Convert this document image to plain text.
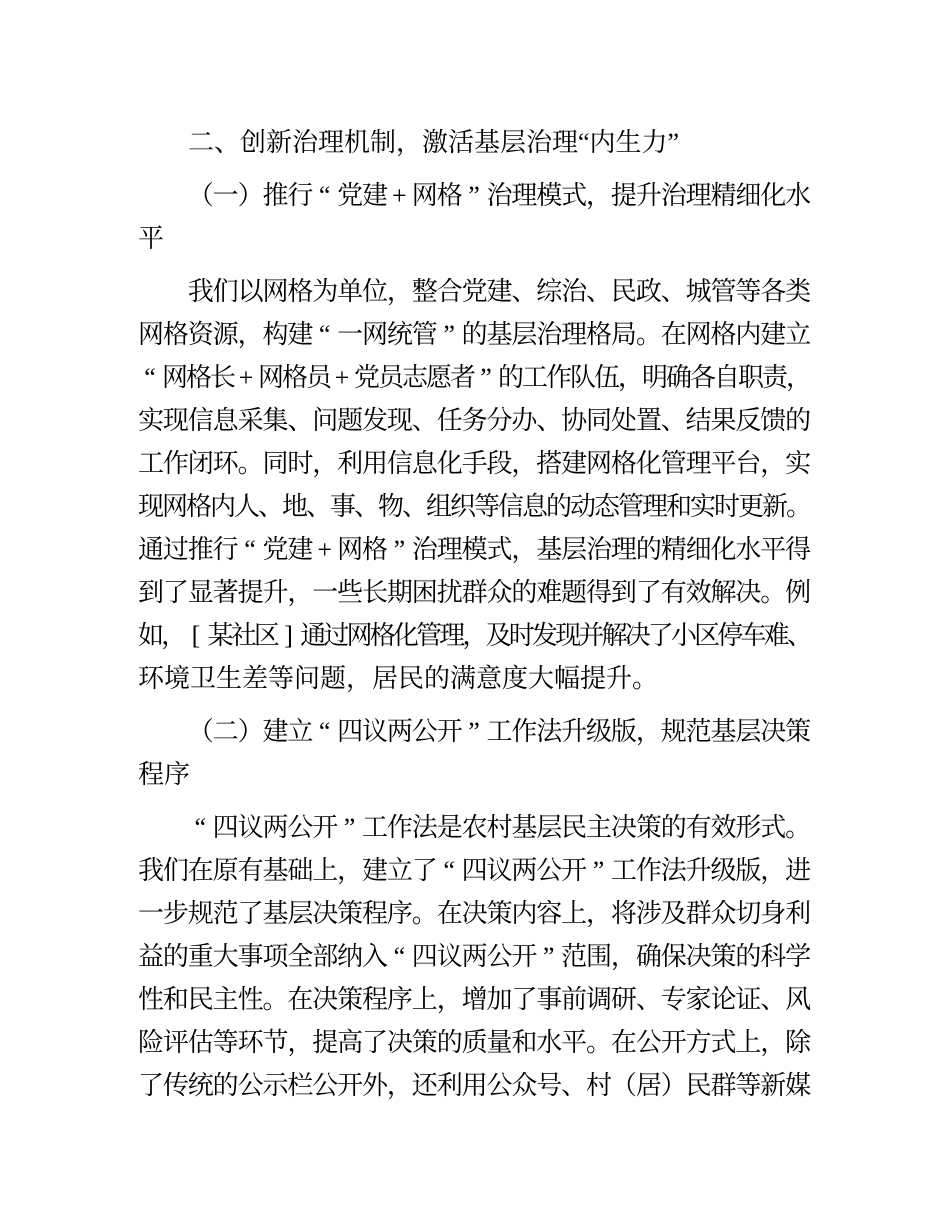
二、创新治理机制，激活基层治理“内生力”
（
一
）
推
行 “ 党
建 + 网
格 ” 治
理
模
式
，
提
升
治
理
精
细
化
水
平
我
们
以
网
格
为
单
位
，
整
合
党
建
、
综
治
、
民
政
、
城
管
等
各
类
网
格
资
源
，
构
建 “ 一
网
统
管 ” 的
基
层
治
理
格
局
。
在
网
格
内
建
立
“ 网
格
长 + 网
格
员 + 党
员
志
愿
者 ” 的
工
作
队
伍
，
明
确
各
自
职
责
，
实
现
信
息
采
集
、
问
题
发
现
、
任
务
分
办
、
协
同
处
置
、
结
果
反
馈
的
工
作
闭
环
。
同
时
，
利
用
信
息
化
手
段
，
搭
建
网
格
化
管
理
平
台
，
实
现
网
格
内
人
、
地
、
事
、
物
、
组
织
等
信
息
的
动
态
管
理
和
实
时
更
新
。
通
过
推
行 “ 党
建 + 网
格 ” 治
理
模
式
，
基
层
治
理
的
精
细
化
水
平
得
到
了
显
著
提
升
，
一
些
长
期
困
扰
群
众
的
难
题
得
到
了
有
效
解
决
。
例
如
， [ 某
社
区 ] 通
过
网
格
化
管
理
，
及
时
发
现
并
解
决
了
小
区
停
车
难
、
环境卫生差等问题，居民的满意度大幅提升。
（
二
）
建
立 “ 四
议
两
公
开 ” 工
作
法
升
级
版
，
规
范
基
层
决
策
程序
“ 四
议
两
公
开 ” 工
作
法
是
农
村
基
层
民
主
决
策
的
有
效
形
式
。
我
们
在
原
有
基
础
上
，
建
立
了 “ 四
议
两
公
开 ” 工
作
法
升
级
版
，
进
一
步
规
范
了
基
层
决
策
程
序
。
在
决
策
内
容
上
，
将
涉
及
群
众
切
身
利
益
的
重
大
事
项
全
部
纳
入 “ 四
议
两
公
开 ” 范
围
，
确
保
决
策
的
科
学
性
和
民
主
性
。
在
决
策
程
序
上
，
增
加
了
事
前
调
研
、
专
家
论
证
、
风
险
评
估
等
环
节
，
提
高
了
决
策
的
质
量
和
水
平
。
在
公
开
方
式
上
，
除
了
传
统
的
公
示
栏
公
开
外
，
还
利
用
公
众
号
、
村
（
居
）
民
群
等
新
媒
